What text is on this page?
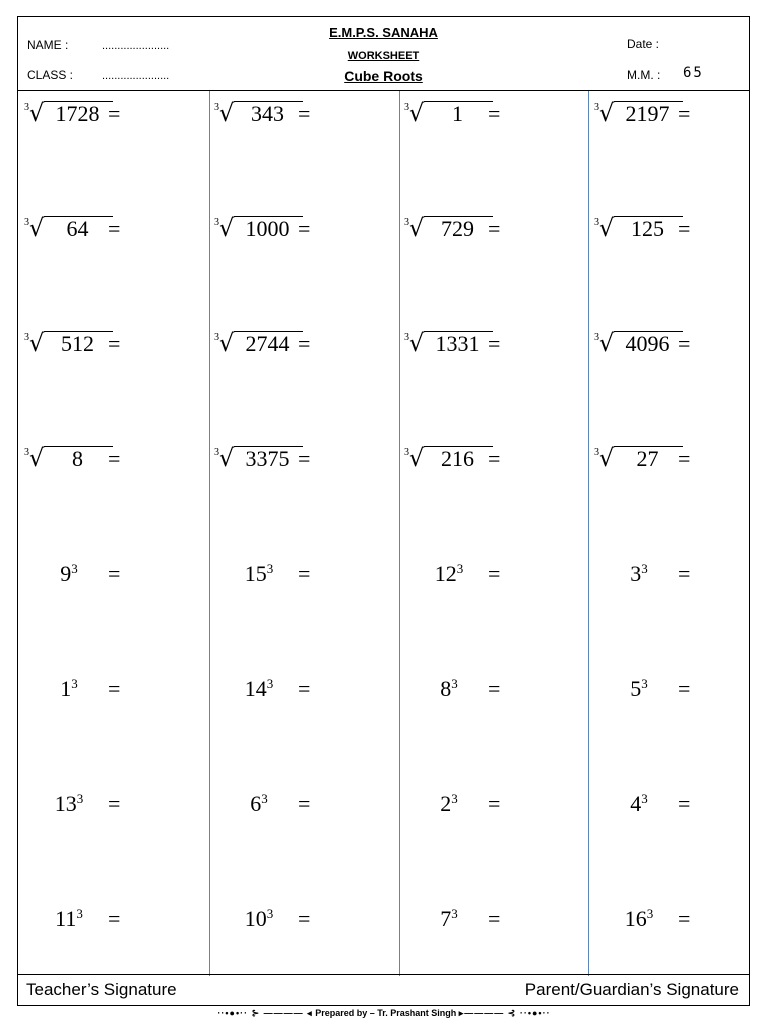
NAME :	......................
CLASS :	......................
E.M.P.S. SANAHA
WORKSHEET
Cube Roots
Date :
M.M. : 65
3 √ 1728 =	3 √ 343 =	3 √ 1	=	3 √ 2197 =
3 √ 64 =	3 √ 1000 =	3 √ 729 =	3 √ 125 =
3 √ 512 =	3 √ 2744 =	3 √ 1331 =	3 √ 4096 =
3 √ 8	=	3 √ 3375 =	3 √ 216 =	3 √ 27 =
$9^3$	=	$15^3$	=	$12^3$	=	$3^3$	=
$1^3$	=	$14^3$	=	$8^3$	=	$5^3$	=
$13^3$	=	$6^3$	=	$2^3$	=	$4^3$	=
$11^3$	=	$10^3$	=	$7^3$	=	$16^3$	=
Teacher’s Signature	Parent/Guardian’s Signature
··•●•·· ⊱ ———— ◂ Prepared by – Tr. Prashant Singh ▸———— ⊰ ··•●•··
